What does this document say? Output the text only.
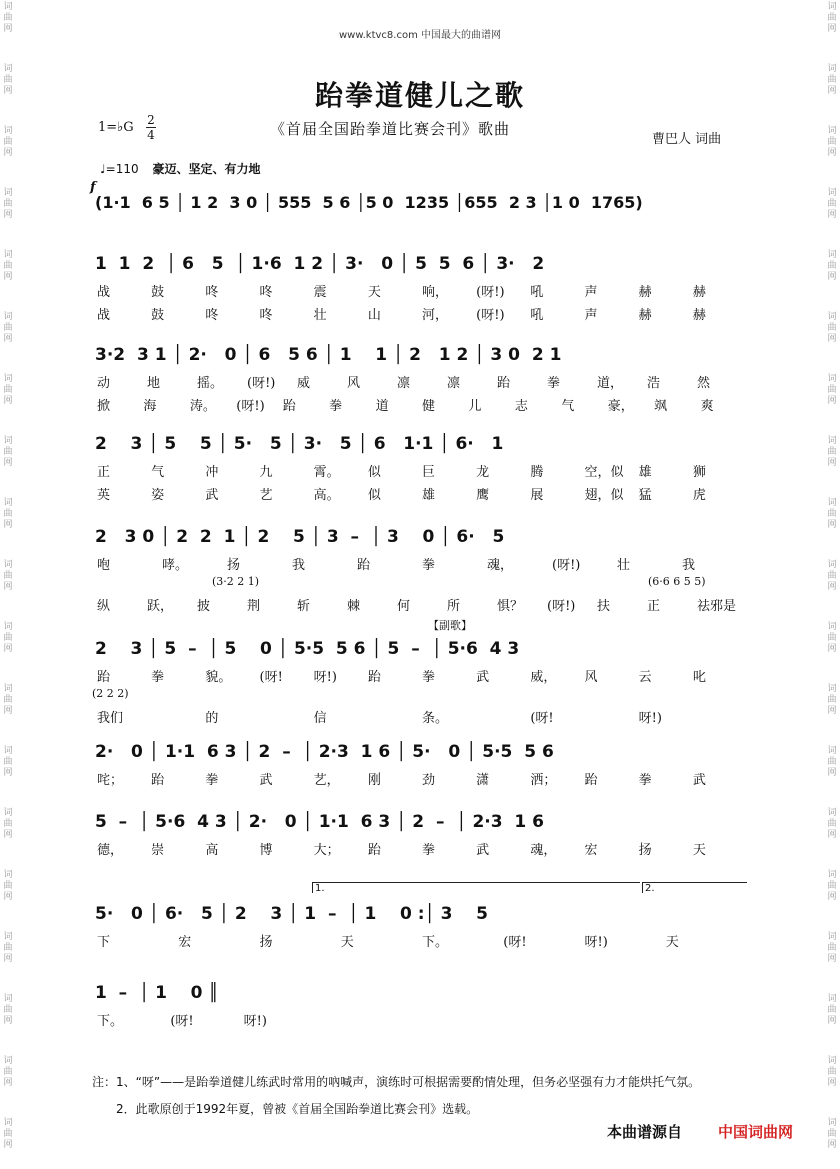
词
曲
网
词
曲
网
词
曲
网
词
曲
网
词
曲
网
词
曲
网
词
曲
网
词
曲
网
词
曲
网
词
曲
网
词
曲
网
词
曲
网
词
曲
网
词
曲
网
词
曲
网
词
曲
网
词
曲
网
词
曲
网
词
曲
网
词
曲
网
词
曲
网
词
曲
网
词
曲
网
词
曲
网
词
曲
网
词
曲
网
词
曲
网
词
曲
网
词
曲
网
词
曲
网
词
曲
网
词
曲
网
词
曲
网
词
曲
网
词
曲
网
词
曲
网
词
曲
网
词
曲
网
www.ktvc8.com 中国最大的曲谱网
跆拳道健儿之歌
《首届全国跆拳道比赛会刊》歌曲
曹巴人 词曲
1=♭G 2
4
♩=110 豪迈、坚定、有力地
f
(1·1  6 5 │ 1 2  3 0 │ 555  5 6 │5 0  1235 │655  2 3 │1 0  1765)
1  1  2  │ 6   5  │ 1·6  1 2 │ 3·   0 │ 5  5  6 │ 3·   2
战	鼓	咚	咚	震	天	响， (呀!) 吼	声	赫	赫
战	鼓	咚	咚	壮	山	河， (呀!) 吼	声	赫	赫
3·2  3 1 │ 2·   0 │ 6   5 6 │ 1    1 │ 2   1 2 │ 3 0  2 1
动	地	摇。 (呀!) 威	风	凛	凛	跆	拳	道， 浩	然
掀	海	涛。 (呀!) 跆	拳	道	健	儿	志	气	豪， 飒	爽
2    3 │ 5    5 │ 5·   5 │ 3·   5 │ 6   1·1 │ 6·   1
正	气	冲	九	霄。 似	巨	龙	腾	空，似 雄	狮
英	姿	武	艺	高。 似	雄	鹰	展	翅，似 猛	虎
2   3 0 │ 2  2  1 │ 2    5 │ 3  –  │ 3    0 │ 6·   5
咆	哮。	扬	我	跆	拳	魂，	(呀!)	壮	我
(3·2 2 1)	(6·6 6 5 5)
纵	跃， 披	荆	斩	棘	何	所	惧？ (呀!) 扶	正	祛邪是
2    3 │ 5  –  │ 5    0 │ 5·5  5 6 │ 5  –  │ 5·6  4 3
跆	拳	貌。 (呀! 呀!) 跆	拳	武	威， 风	云	叱
(2 2 2)
我们	的	信	条。	(呀!	呀!)
2·   0 │ 1·1  6 3 │ 2  –  │ 2·3  1 6 │ 5·   0 │ 5·5  5 6
咤； 跆	拳	武	艺， 刚	劲	潇	洒； 跆	拳	武
5  –  │ 5·6  4 3 │ 2·   0 │ 1·1  6 3 │ 2  –  │ 2·3  1 6
德， 崇	高	博	大； 跆	拳	武	魂， 宏	扬	天
5·   0 │ 6·   5 │ 2    3 │ 1  –  │ 1    0 :│ 3    5
下	宏	扬	天	下。	(呀!	呀!)	天
1.	2.
1  –  │ 1    0 ║
下。	(呀!	呀!)
【副歌】
注：1、“呀”——是跆拳道健儿练武时常用的吶喊声，演练时可根据需要酌情处理，但务必坚强有力才能烘托气氛。
2．此歌原创于1992年夏，曾被《首届全国跆拳道比赛会刊》选载。
本曲谱源自 中国词曲网
